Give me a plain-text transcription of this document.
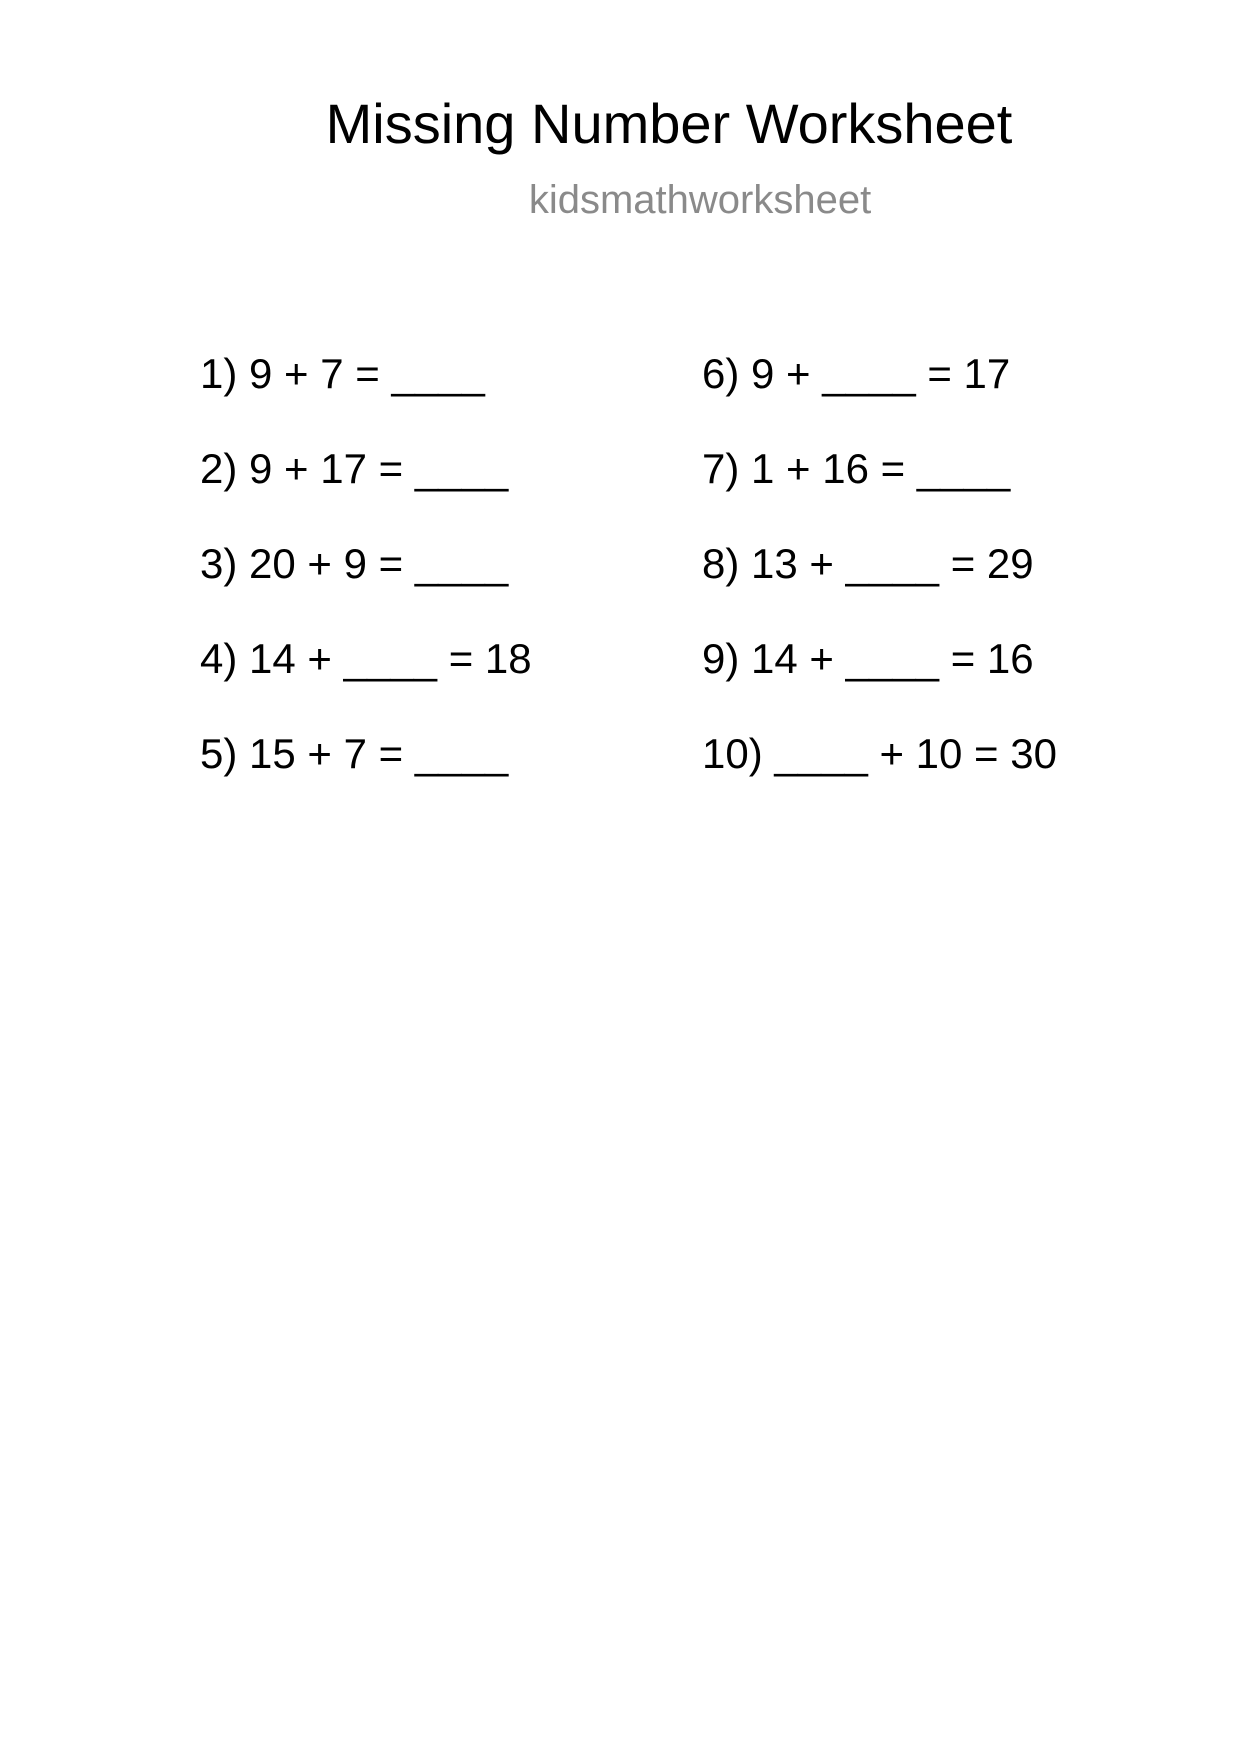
Missing Number Worksheet
kidsmathworksheet
1) 9 + 7 = ____
2) 9 + 17 = ____
3) 20 + 9 = ____
4) 14 + ____ = 18
5) 15 + 7 = ____
6) 9 + ____ = 17
7) 1 + 16 = ____
8) 13 + ____ = 29
9) 14 + ____ = 16
10) ____ + 10 = 30
